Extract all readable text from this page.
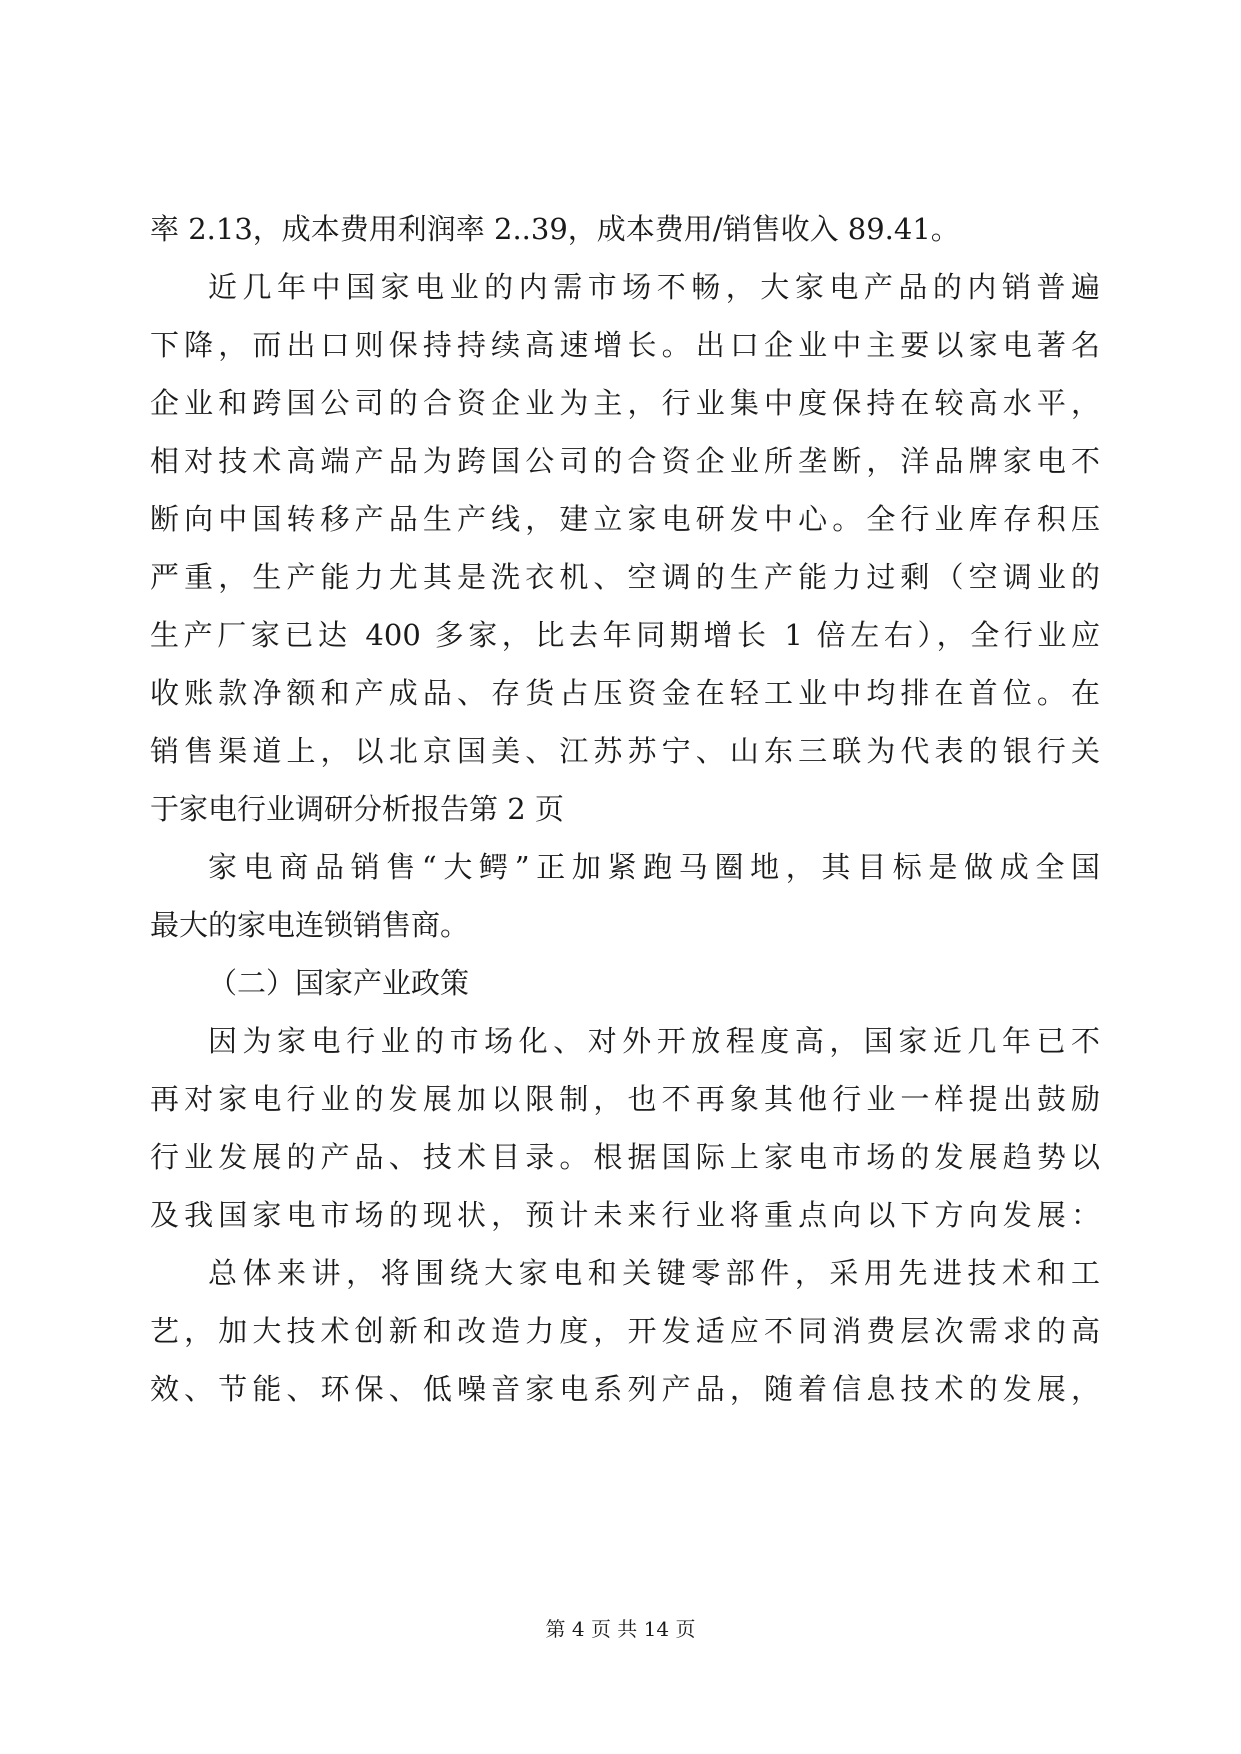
率 2.13，成本费用利润率 2..39，成本费用/销售收入 89.41。
近几年中国家电业的内需市场不畅，大家电产品的内销普遍
下降，而出口则保持持续高速增长。出口企业中主要以家电著名
企业和跨国公司的合资企业为主，行业集中度保持在较高水平，
相对技术高端产品为跨国公司的合资企业所垄断，洋品牌家电不
断向中国转移产品生产线，建立家电研发中心。全行业库存积压
严重，生产能力尤其是洗衣机、空调的生产能力过剩（空调业的
生产厂家已达 400 多家，比去年同期增长 1 倍左右），全行业应
收账款净额和产成品、存货占压资金在轻工业中均排在首位。在
销售渠道上，以北京国美、江苏苏宁、山东三联为代表的银行关
于家电行业调研分析报告第 2 页
家电商品销售“大鳄”正加紧跑马圈地，其目标是做成全国
最大的家电连锁销售商。
（二）国家产业政策
因为家电行业的市场化、对外开放程度高，国家近几年已不
再对家电行业的发展加以限制，也不再象其他行业一样提出鼓励
行业发展的产品、技术目录。根据国际上家电市场的发展趋势以
及我国家电市场的现状，预计未来行业将重点向以下方向发展：
总体来讲，将围绕大家电和关键零部件，采用先进技术和工
艺，加大技术创新和改造力度，开发适应不同消费层次需求的高
效、节能、环保、低噪音家电系列产品，随着信息技术的发展，
第 4 页 共 14 页
